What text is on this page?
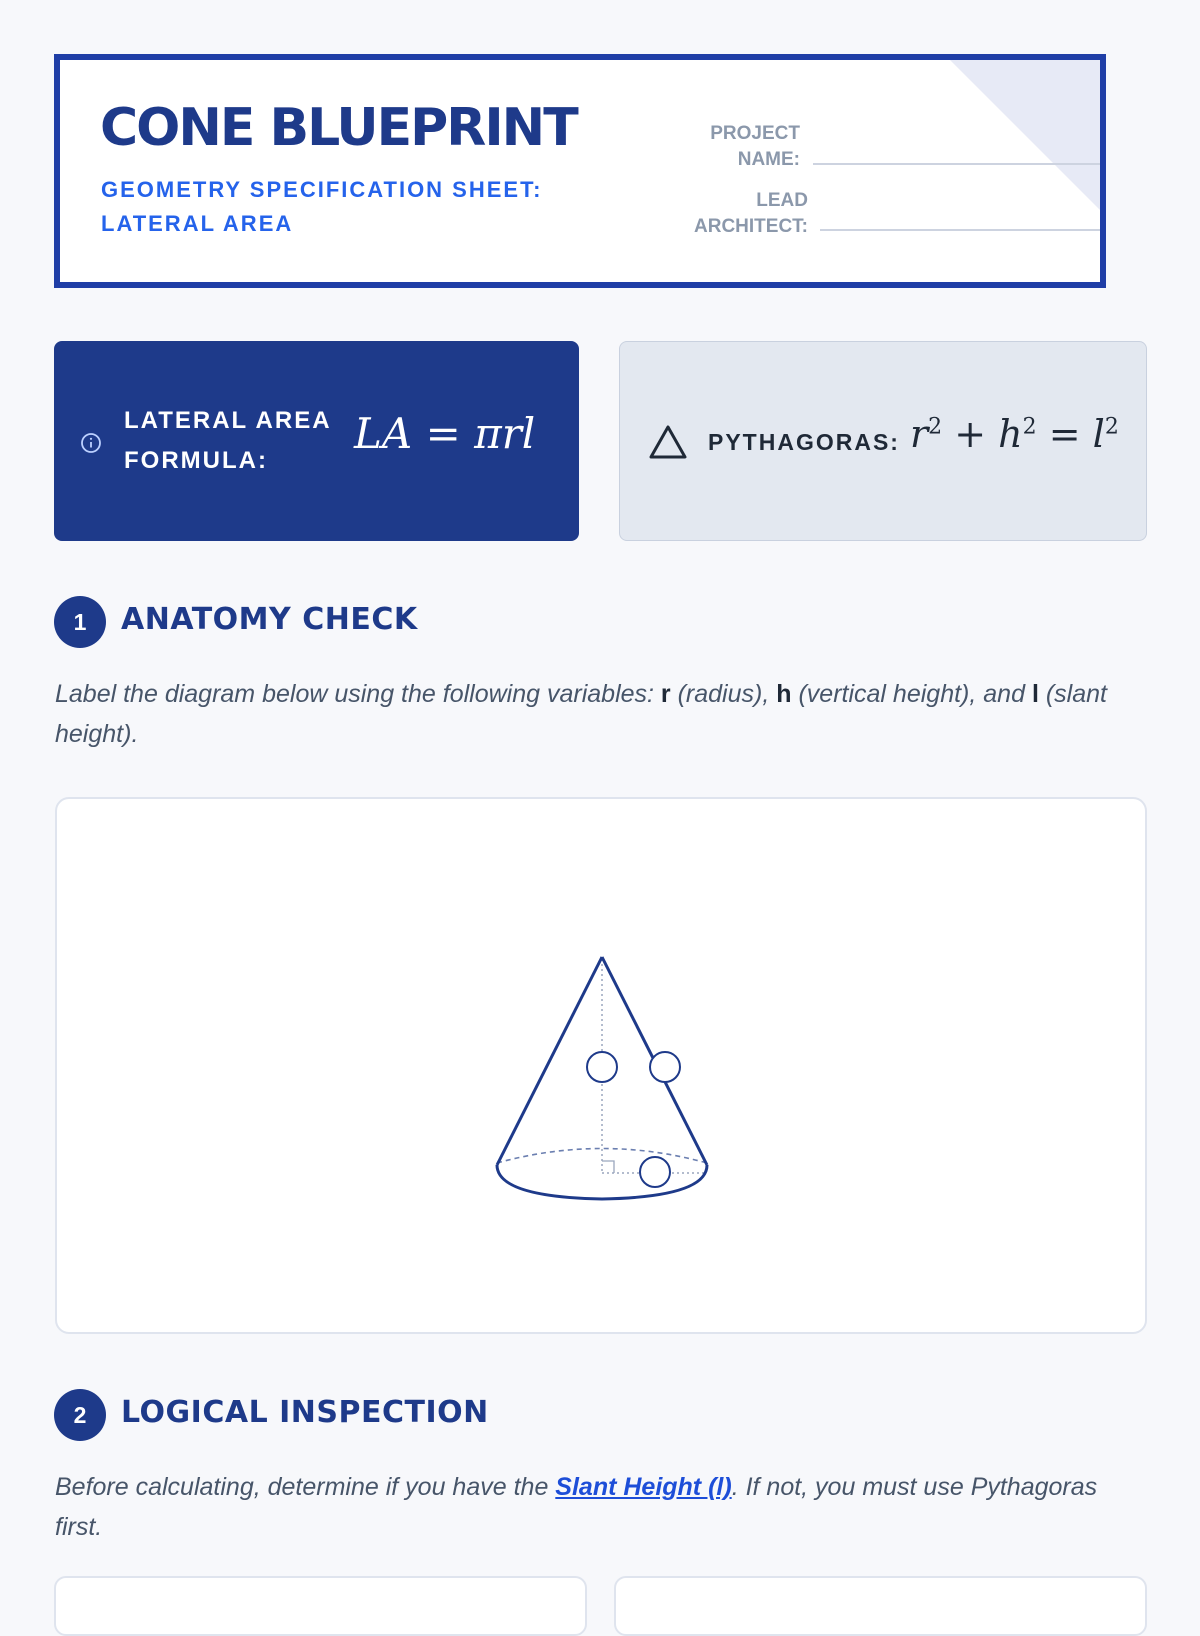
CONE BLUEPRINT
GEOMETRY SPECIFICATION SHEET: LATERAL AREA
PROJECT
NAME:
LEAD
ARCHITECT:
LATERAL AREA
FORMULA:
LA = πrl	PYTHAGORAS: $r^2 + h^2 = l^2$
1	ANATOMY CHECK
Label the diagram below using the following variables: r (radius), h (vertical height), and l (slant height).
2	LOGICAL INSPECTION
Before calculating, determine if you have the Slant Height (l). If not, you must use Pythagoras first.
